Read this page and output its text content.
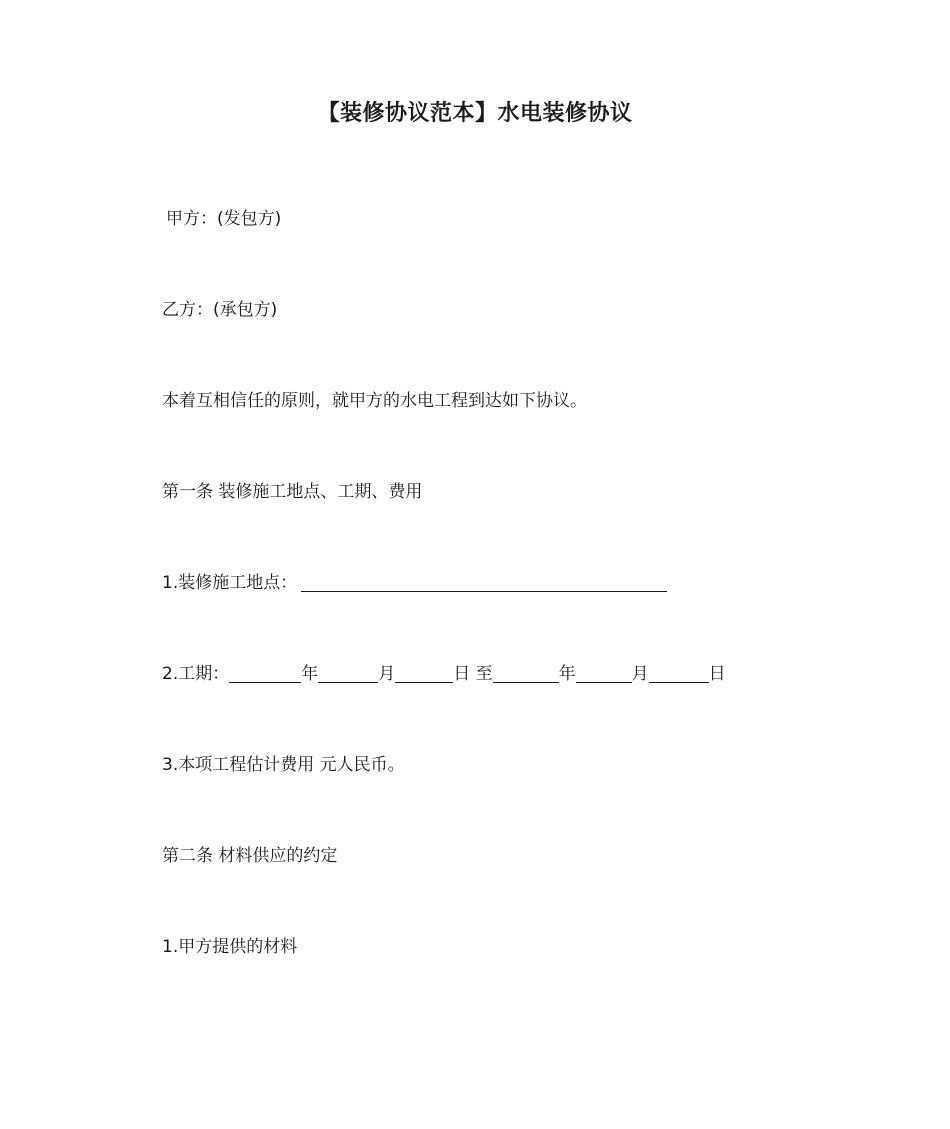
【装修协议范本】水电装修协议

甲方：(发包方)

乙方：(承包方)

本着互相信任的原则，就甲方的水电工程到达如下协议。

第一条 装修施工地点、工期、费用

1.装修施工地点：

2.工期：	年	月	日 至	年	月	日

3.本项工程估计费用 元人民币。

第二条 材料供应的约定

1.甲方提供的材料
